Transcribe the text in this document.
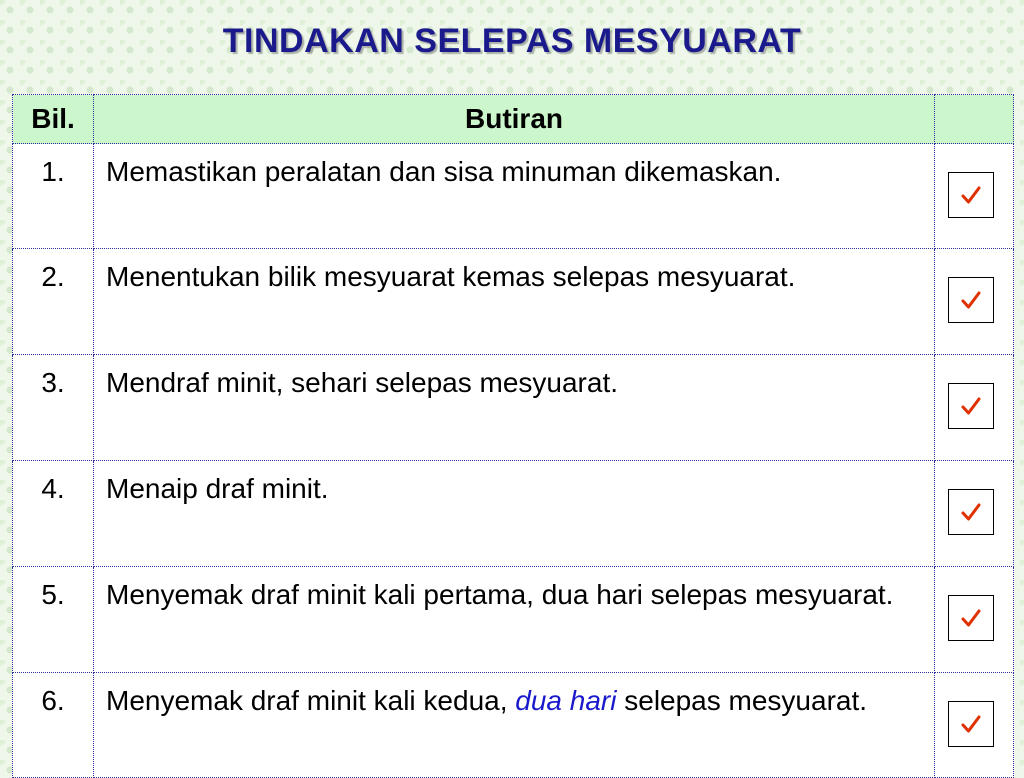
TINDAKAN SELEPAS MESYUARAT
Bil.	Butiran	
1.	Memastikan peralatan dan sisa minuman dikemaskan.	

2.	Menentukan bilik mesyuarat kemas selepas mesyuarat.	

3.	Mendraf minit, sehari selepas mesyuarat.	

4.	Menaip draf minit.	

5.	Menyemak draf minit kali pertama, dua hari selepas mesyuarat.	

6.	Menyemak draf minit kali kedua, dua hari selepas mesyuarat.	
